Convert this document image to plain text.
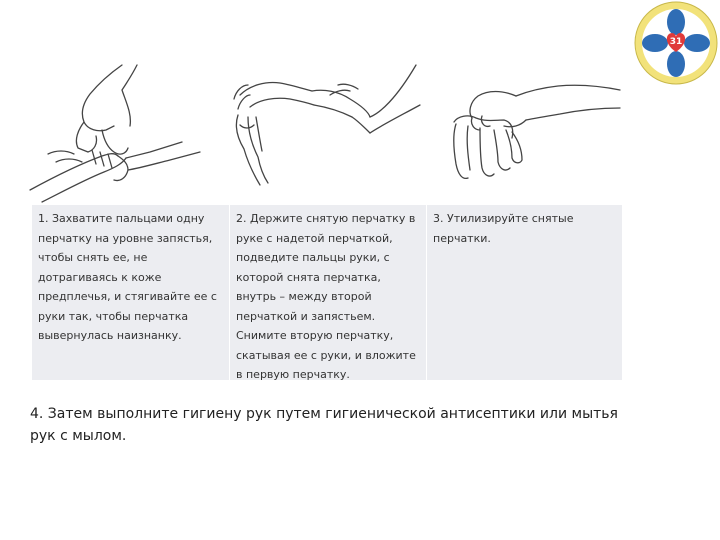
31
1. Захватите пальцами одну перчатку на уровне запястья, чтобы снять ее, не дотрагиваясь к коже предплечья, и стягивайте ее с руки так, чтобы перчатка вывернулась наизнанку.
2. Держите снятую перчатку в руке с надетой перчаткой, подведите пальцы руки, с которой снята перчатка, внутрь – между второй перчаткой и запястьем. Снимите вторую перчатку, скатывая ее с руки, и вложите в первую перчатку.
3. Утилизируйте снятые перчатки.

4. Затем выполните гигиену рук путем гигиенической антисептики или мытья рук с мылом.
